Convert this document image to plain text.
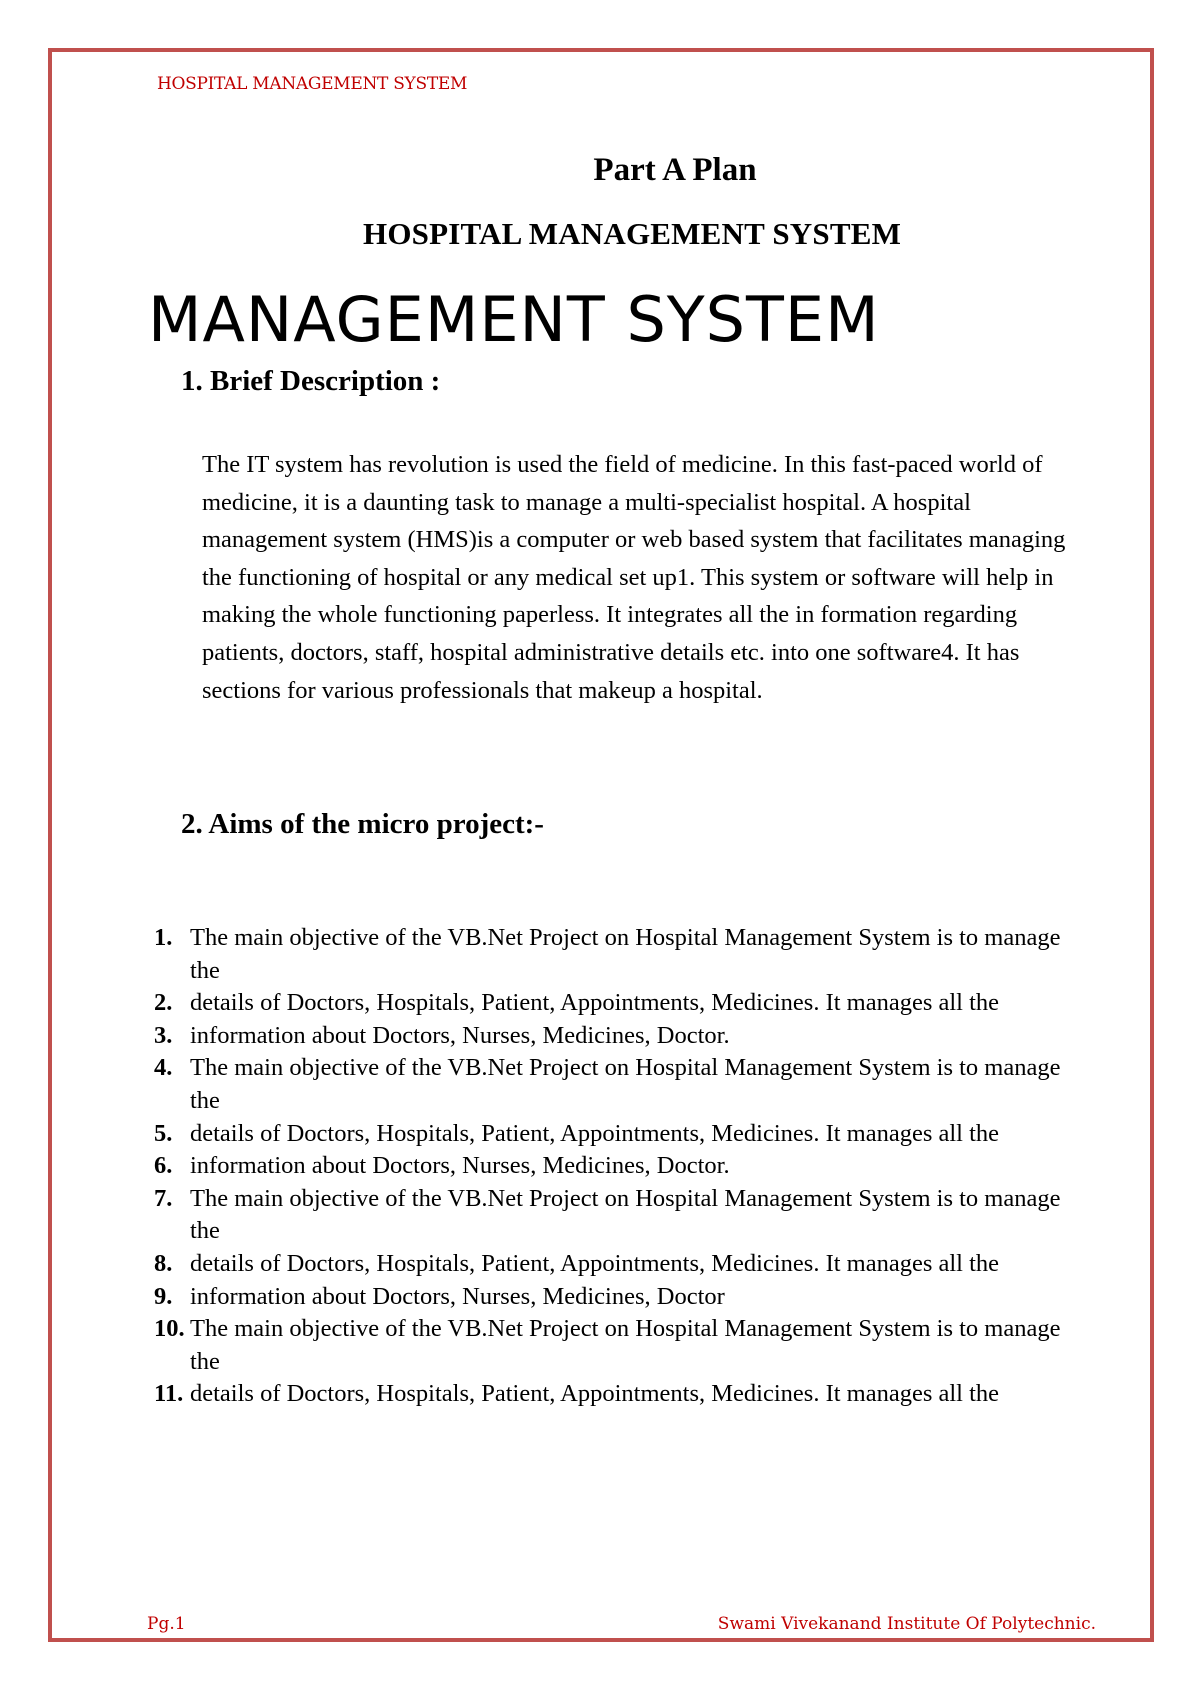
HOSPITAL MANAGEMENT SYSTEM
Part A Plan
HOSPITAL MANAGEMENT SYSTEM
MANAGEMENT SYSTEM
1. Brief Description :
The IT system has revolution is used the field of medicine. In this fast-paced world of medicine, it is a daunting task to manage a multi-specialist hospital. A hospital management system (HMS)is a computer or web based system that facilitates managing the functioning of hospital or any medical set up1. This system or software will help in making the whole functioning paperless. It integrates all the in formation regarding patients, doctors, staff, hospital administrative details etc. into one software4. It has sections for various professionals that makeup a hospital.
2. Aims of the micro project:-
1. The main objective of the VB.Net Project on Hospital Management System is to manage the
2. details of Doctors, Hospitals, Patient, Appointments, Medicines. It manages all the
3. information about Doctors, Nurses, Medicines, Doctor.
4. The main objective of the VB.Net Project on Hospital Management System is to manage the
5. details of Doctors, Hospitals, Patient, Appointments, Medicines. It manages all the
6. information about Doctors, Nurses, Medicines, Doctor.
7. The main objective of the VB.Net Project on Hospital Management System is to manage the
8. details of Doctors, Hospitals, Patient, Appointments, Medicines. It manages all the
9. information about Doctors, Nurses, Medicines, Doctor
10. The main objective of the VB.Net Project on Hospital Management System is to manage the
11. details of Doctors, Hospitals, Patient, Appointments, Medicines. It manages all the
Pg.1	Swami Vivekanand Institute Of Polytechnic.
